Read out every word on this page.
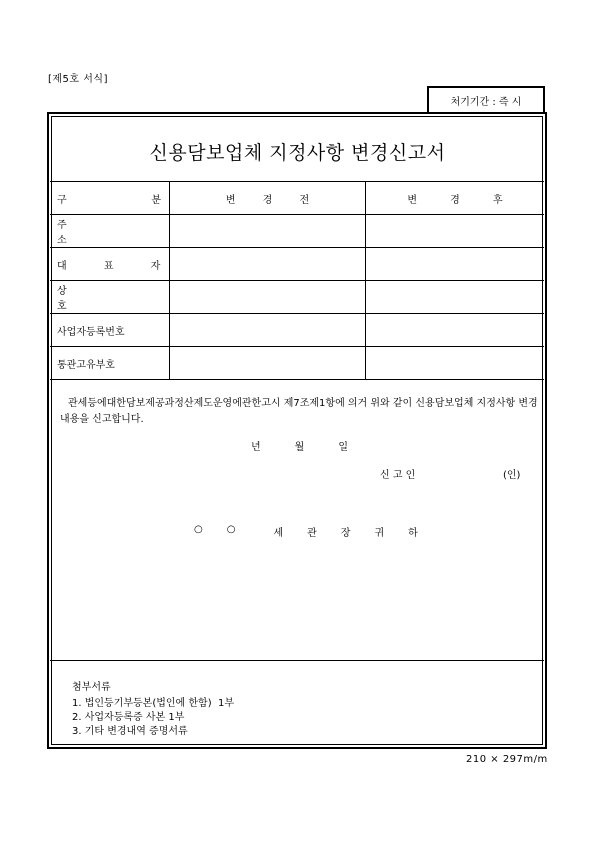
[제5호 서식]
처기기간 : 즉 시
신용담보업체 지정사항 변경신고서
구	분	변 경 전	변 경 후
주 소
대 표 자
상 호
사업자등록번호
통관고유부호
관세등에대한담보제공과정산제도운영에관한고시 제7조제1항에 의거 위와 같이 신용담보업체 지정사항 변경내용을 신고합니다.
년	월	일
신 고 인	(인)
○ ○	세 관 장 귀 하
첨부서류
1. 법인등기부등본(법인에 한함)  1부
2. 사업자등록증 사본 1부
3. 기타 변경내역 증명서류
210 × 297m/m
